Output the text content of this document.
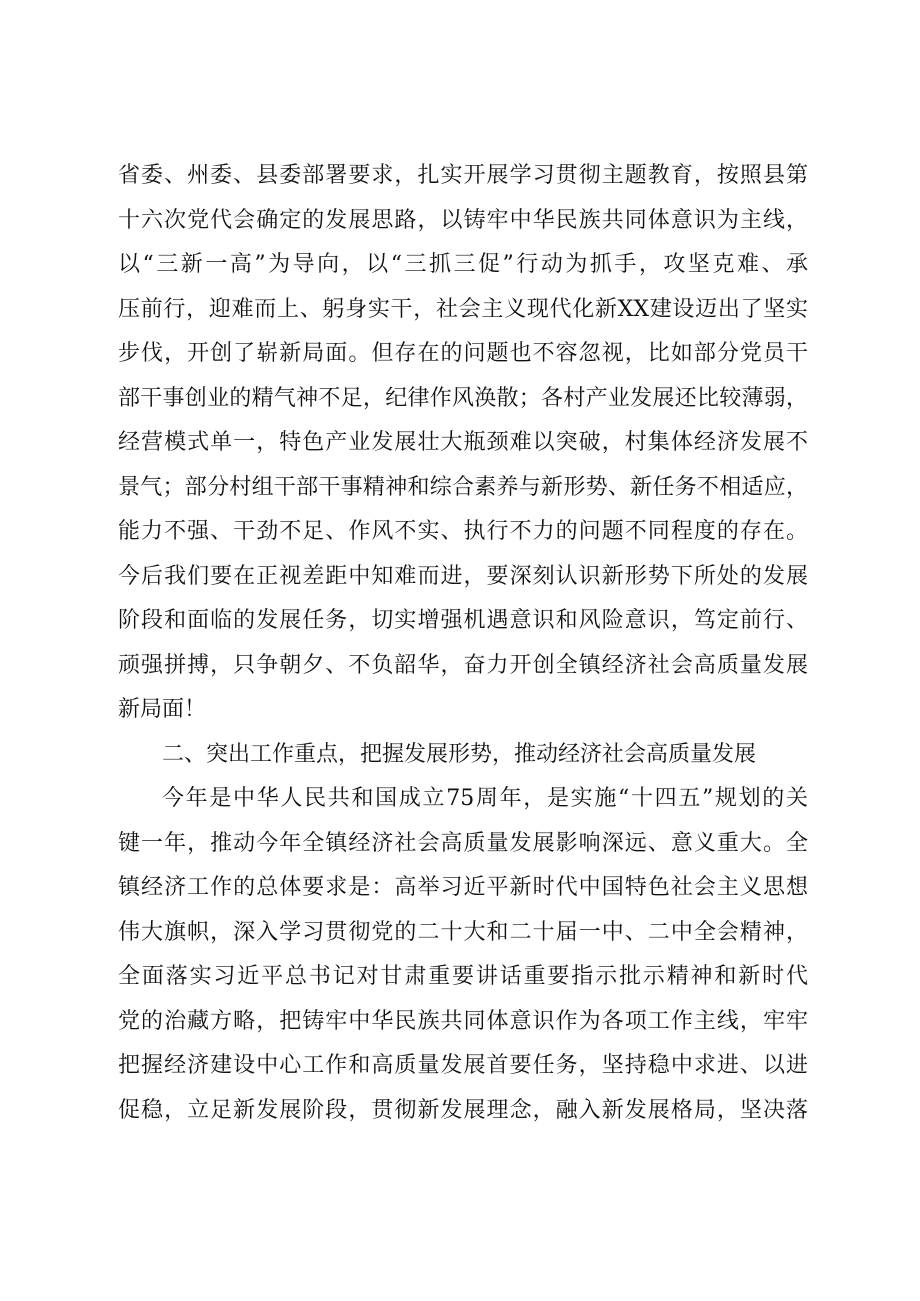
省委、州委、县委部署要求，扎实开展学习贯彻主题教育，按照县第
十六次党代会确定的发展思路，以铸牢中华民族共同体意识为主线，
以“三新一高”为导向，以“三抓三促”行动为抓手，攻坚克难、承
压前行，迎难而上、躬身实干，社会主义现代化新XX建设迈出了坚实
步伐，开创了崭新局面。但存在的问题也不容忽视，比如部分党员干
部干事创业的精气神不足，纪律作风涣散；各村产业发展还比较薄弱，
经营模式单一，特色产业发展壮大瓶颈难以突破，村集体经济发展不
景气；部分村组干部干事精神和综合素养与新形势、新任务不相适应，
能力不强、干劲不足、作风不实、执行不力的问题不同程度的存在。
今后我们要在正视差距中知难而进，要深刻认识新形势下所处的发展
阶段和面临的发展任务，切实增强机遇意识和风险意识，笃定前行、
顽强拼搏，只争朝夕、不负韶华，奋力开创全镇经济社会高质量发展
新局面！
二、突出工作重点，把握发展形势，推动经济社会高质量发展
今年是中华人民共和国成立75周年，是实施“十四五”规划的关
键一年，推动今年全镇经济社会高质量发展影响深远、意义重大。全
镇经济工作的总体要求是：高举习近平新时代中国特色社会主义思想
伟大旗帜，深入学习贯彻党的二十大和二十届一中、二中全会精神，
全面落实习近平总书记对甘肃重要讲话重要指示批示精神和新时代
党的治藏方略，把铸牢中华民族共同体意识作为各项工作主线，牢牢
把握经济建设中心工作和高质量发展首要任务，坚持稳中求进、以进
促稳，立足新发展阶段，贯彻新发展理念，融入新发展格局，坚决落
